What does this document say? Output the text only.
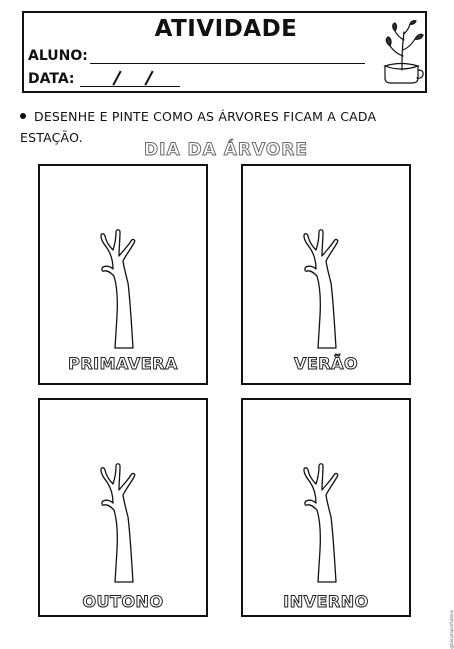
ATIVIDADE
ALUNO:
DATA:
DESENHE E PINTE COMO AS ÁRVORES FICAM A CADA
ESTAÇÃO.
DIA DA ÁRVORE
PRIMAVERA	VERÃO
OUTONO	INVERNO
@blogdaprofsabine
